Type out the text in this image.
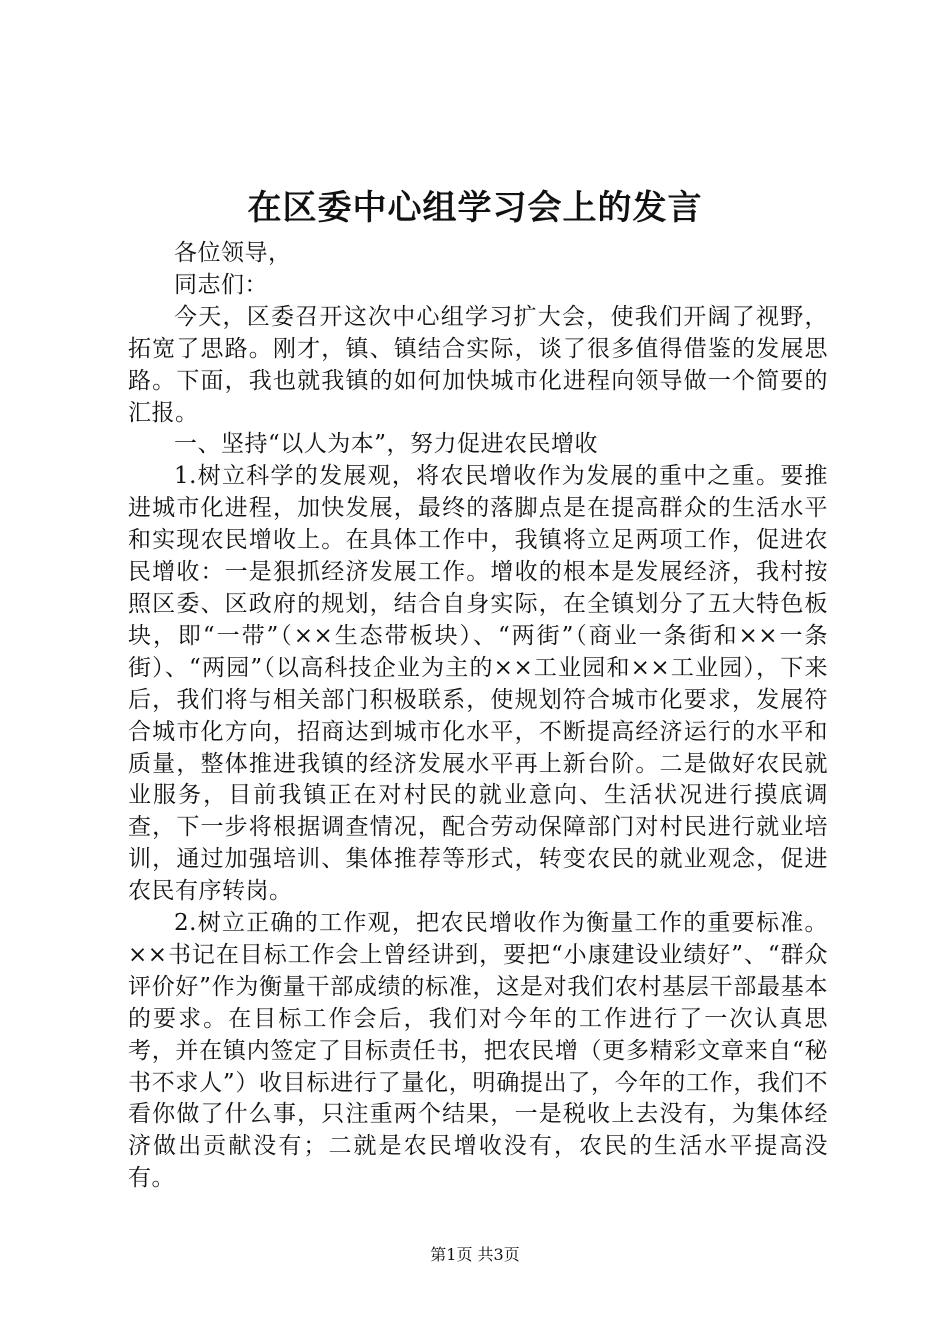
在区委中心组学习会上的发言

各位领导，

同志们：

今天，区委召开这次中心组学习扩大会，使我们开阔了视野，拓宽了思路。刚才，镇、镇结合实际，谈了很多值得借鉴的发展思路。下面，我也就我镇的如何加快城市化进程向领导做一个简要的汇报。

一、坚持“以人为本”，努力促进农民增收

1.树立科学的发展观，将农民增收作为发展的重中之重。要推进城市化进程，加快发展，最终的落脚点是在提高群众的生活水平和实现农民增收上。在具体工作中，我镇将立足两项工作，促进农民增收：一是狠抓经济发展工作。增收的根本是发展经济，我村按照区委、区政府的规划，结合自身实际，在全镇划分了五大特色板块，即“一带”（××生态带板块）、“两街”（商业一条街和××一条街）、“两园”（以高科技企业为主的××工业园和××工业园），下来后，我们将与相关部门积极联系，使规划符合城市化要求，发展符合城市化方向，招商达到城市化水平，不断提高经济运行的水平和质量，整体推进我镇的经济发展水平再上新台阶。二是做好农民就业服务，目前我镇正在对村民的就业意向、生活状况进行摸底调查，下一步将根据调查情况，配合劳动保障部门对村民进行就业培训，通过加强培训、集体推荐等形式，转变农民的就业观念，促进农民有序转岗。

2.树立正确的工作观，把农民增收作为衡量工作的重要标准。××书记在目标工作会上曾经讲到，要把“小康建设业绩好”、“群众评价好”作为衡量干部成绩的标准，这是对我们农村基层干部最基本的要求。在目标工作会后，我们对今年的工作进行了一次认真思考，并在镇内签定了目标责任书，把农民增（更多精彩文章来自“秘书不求人”）收目标进行了量化，明确提出了，今年的工作，我们不看你做了什么事，只注重两个结果，一是税收上去没有，为集体经济做出贡献没有；二就是农民增收没有，农民的生活水平提高没有。

第1页 共3页
